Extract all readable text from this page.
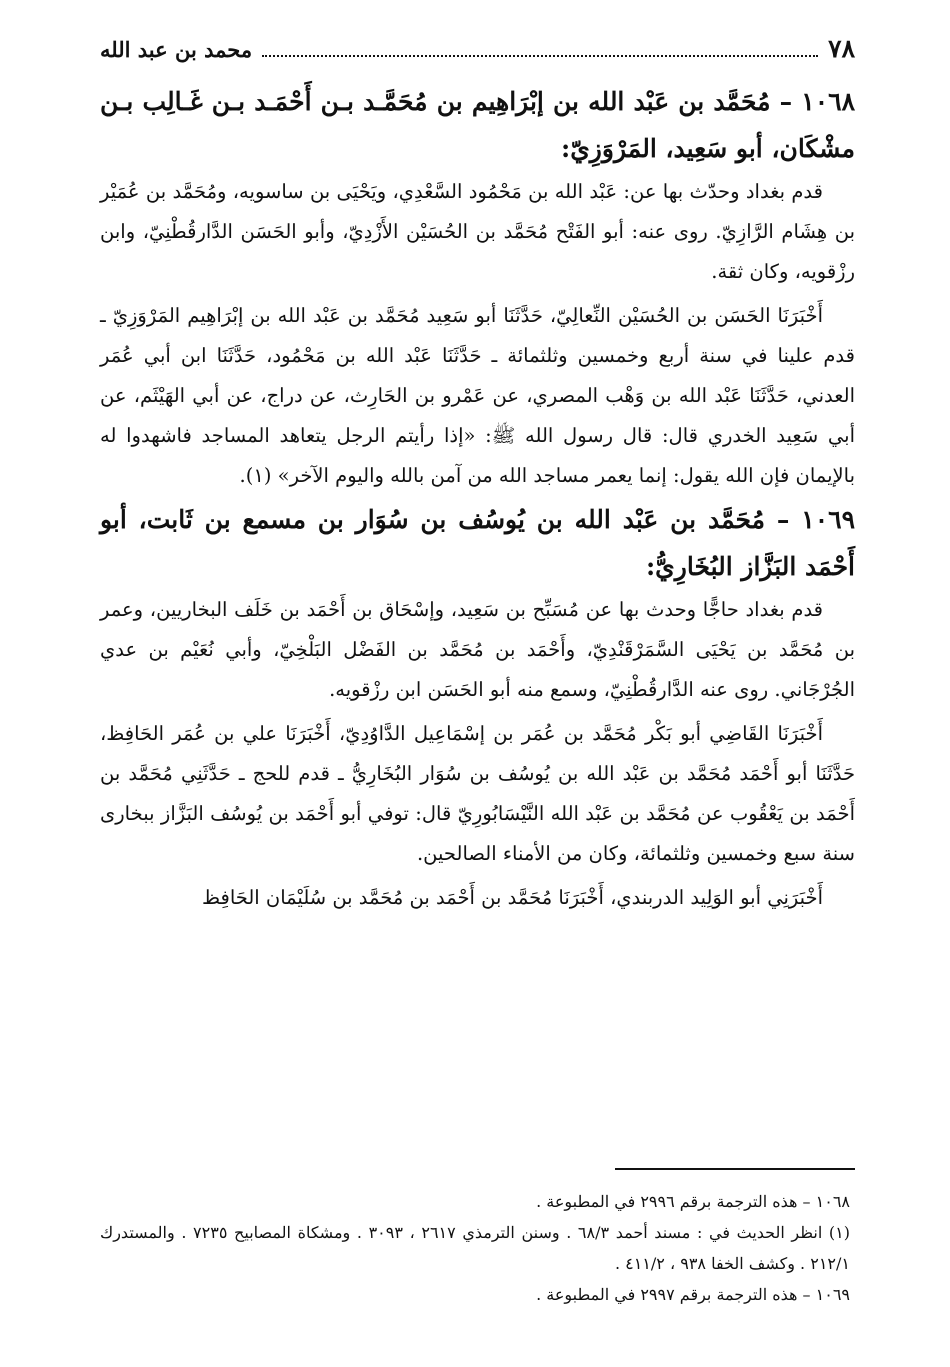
٧٨
محمد بن عبد الله
١٠٦٨ – مُحَمَّد بن عَبْد الله بن إبْرَاهِيم بن مُحَمَّـد بـن أَحْمَـد بـن غَـالِب بـن مشْكَان، أبو سَعِيد، المَرْوَزِيّ:

قدم بغداد وحدّث بها عن: عَبْد الله بن مَحْمُود السَّعْدِي، ويَحْيَى بن ساسويه، ومُحَمَّد بن عُمَيْر بن هِشَام الرَّازِيّ. روى عنه: أبو الفَتْح مُحَمَّد بن الحُسَيْن الأَزْدِيّ، وأبو الحَسَن الدَّارقُطْنِيّ، وابن رزْقويه، وكان ثقة.

أَخْبَرَنَا الحَسَن بن الحُسَيْن النِّعالِيّ، حَدَّثَنَا أبو سَعِيد مُحَمَّد بن عَبْد الله بن إبْرَاهِيم المَرْوَزِيّ ـ قدم علينا في سنة أربع وخمسين وثلثمائة ـ حَدَّثَنَا عَبْد الله بن مَحْمُود، حَدَّثَنَا ابن أبي عُمَر العدني، حَدَّثَنَا عَبْد الله بن وَهْب المصري، عن عَمْرو بن الحَارِث، عن دراج، عن أبي الهَيْثَم، عن أبي سَعِيد الخدري قال: قال رسول الله ﷺ: «إذا رأيتم الرجل يتعاهد المساجد فاشهدوا له بالإيمان فإن الله يقول: إنما يعمر مساجد الله من آمن بالله واليوم الآخر» (١).

١٠٦٩ – مُحَمَّد بن عَبْد الله بن يُوسُف بن سُوَار بن مسمع بن ثَابت، أبو أَحْمَد البَزَّاز البُخَارِيُّ:

قدم بغداد حاجًّا وحدث بها عن مُسَبِّح بن سَعِيد، وإسْحَاق بن أَحْمَد بن خَلَف البخاريين، وعمر بن مُحَمَّد بن يَحْيَى السَّمَرْقَنْدِيّ، وأَحْمَد بن مُحَمَّد بن الفَضْل البَلْخِيّ، وأبي نُعَيْم بن عدي الجُرْجَاني. روى عنه الدَّارقُطْنِيّ، وسمع منه أبو الحَسَن ابن رزْقويه.

أَخْبَرَنَا القَاضِي أبو بَكْر مُحَمَّد بن عُمَر بن إسْمَاعِيل الدَّاوُدِيّ، أَخْبَرَنَا علي بن عُمَر الحَافِظ، حَدَّثَنَا أبو أَحْمَد مُحَمَّد بن عَبْد الله بن يُوسُف بن سُوَار البُخَارِيُّ ـ قدم للحج ـ حَدَّثَنِي مُحَمَّد بن أَحْمَد بن يَعْقُوب عن مُحَمَّد بن عَبْد الله النَّيْسَابُورِيّ قال: توفي أبو أَحْمَد بن يُوسُف البَزَّاز ببخارى سنة سبع وخمسين وثلثمائة، وكان من الأمناء الصالحين.

أَخْبَرَنِي أبو الوَلِيد الدربندي، أَخْبَرَنَا مُحَمَّد بن أَحْمَد بن مُحَمَّد بن سُلَيْمَان الحَافِظ

١٠٦٨ – هذه الترجمة برقم ٢٩٩٦ في المطبوعة .

(١) انظر الحديث في : مسند أحمد ٦٨/٣ . وسنن الترمذي ٢٦١٧ ، ٣٠٩٣ . ومشكاة المصابيح ٧٢٣٥ . والمستدرك ٢١٢/١ . وكشف الخفا ٩٣٨ ، ٤١١/٢ .

١٠٦٩ – هذه الترجمة برقم ٢٩٩٧ في المطبوعة .
